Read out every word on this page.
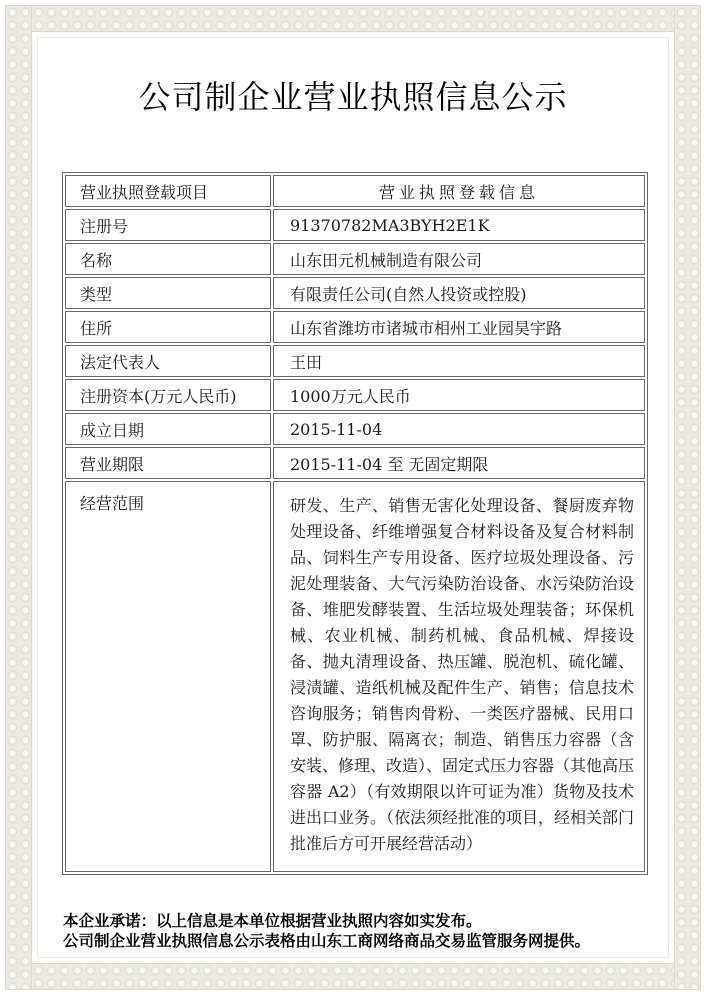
公司制企业营业执照信息公示
营业执照登载项目	营业执照登载信息
注册号	91370782MA3BYH2E1K
名称	山东田元机械制造有限公司
类型	有限责任公司(自然人投资或控股)
住所	山东省潍坊市诸城市相州工业园昊宇路
法定代表人	王田
注册资本(万元人民币)	1000万元人民币
成立日期	2015-11-04
营业期限	2015-11-04 至 无固定期限
经营范围	研发、生产、销售无害化处理设备、餐厨废弃物处理设备、纤维增强复合材料设备及复合材料制品、饲料生产专用设备、医疗垃圾处理设备、污泥处理装备、大气污染防治设备、水污染防治设备、堆肥发酵装置、生活垃圾处理装备；环保机械、农业机械、制药机械、食品机械、焊接设备、抛丸清理设备、热压罐、脱泡机、硫化罐、浸渍罐、造纸机械及配件生产、销售；信息技术咨询服务；销售肉骨粉、一类医疗器械、民用口罩、防护服、隔离衣；制造、销售压力容器（含安装、修理、改造）、固定式压力容器（其他高压容器 A2）（有效期限以许可证为准）货物及技术进出口业务。（依法须经批准的项目，经相关部门批准后方可开展经营活动）
本企业承诺：以上信息是本单位根据营业执照内容如实发布。
公司制企业营业执照信息公示表格由山东工商网络商品交易监管服务网提供。
